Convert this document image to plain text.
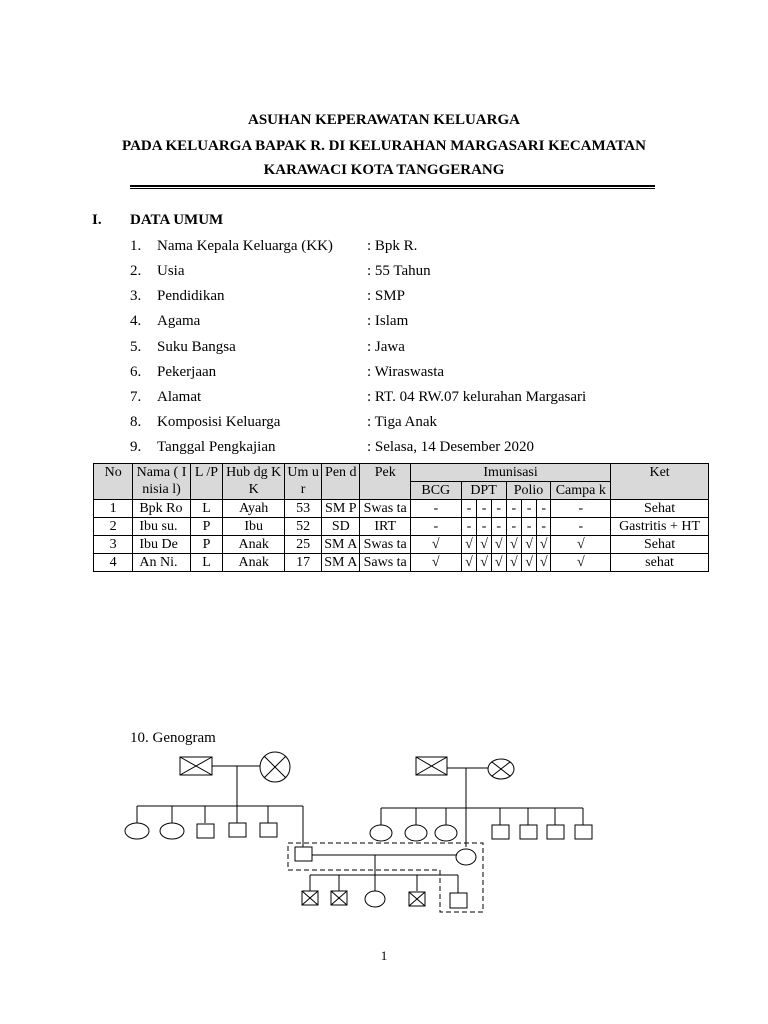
ASUHAN KEPERAWATAN KELUARGA
PADA KELUARGA BAPAK R. DI KELURAHAN MARGASARI KECAMATAN
KARAWACI KOTA TANGGERANG
I. DATA UMUM
1. Nama Kepala Keluarga (KK) : Bpk R.
2. Usia	: 55 Tahun
3. Pendidikan	: SMP
4. Agama	: Islam
5. Suku Bangsa	: Jawa
6. Pekerjaan	: Wiraswasta
7. Alamat	: RT. 04 RW.07 kelurahan Margasari
8. Komposisi Keluarga	: Tiga Anak
9. Tanggal Pengkajian	: Selasa, 14 Desember 2020
No	Nama ( Inisia l)	L /P	Hub dg KK	Um ur	Pen d	Pek	Imunisasi								Ket
							BCG	DPT			Polio			Campa k	
1	Bpk Ro	L	Ayah	53	SM P	Swas ta	-	-	-	-	-	-	-	-	Sehat
2	Ibu su.	P	Ibu	52	SD	IRT	-	-	-	-	-	-	-	-	Gastritis + HT
3	Ibu De	P	Anak	25	SM A	Swas ta	√	√	√	√	√	√	√	√	Sehat
4	An Ni.	L	Anak	17	SM A	Saws ta	√	√	√	√	√	√	√	√	sehat
10. Genogram
1
